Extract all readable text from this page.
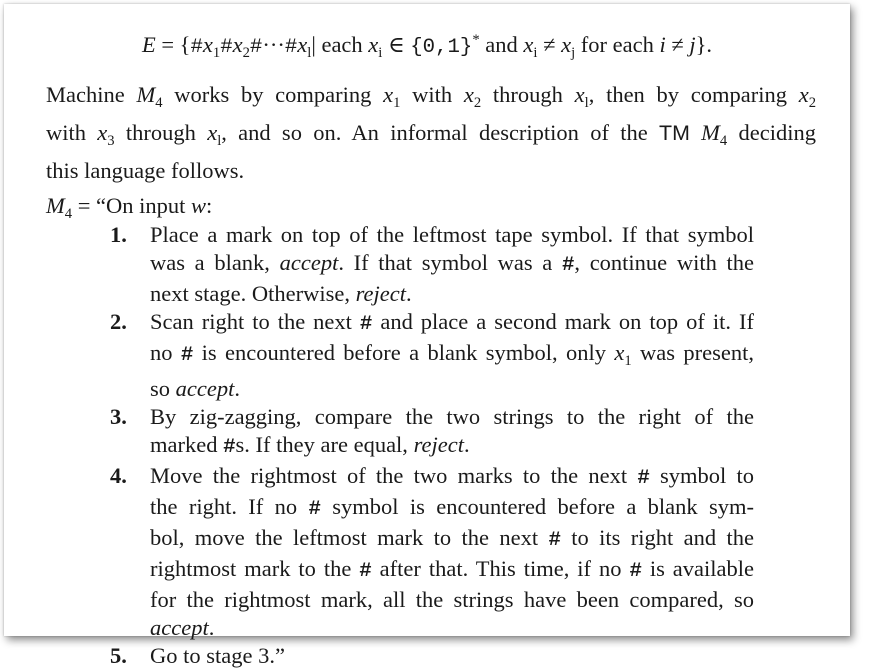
$E = \{\#x_1\#x_2\#\cdot\cdot\cdot\#x_l|$ each $x_i$ ∈ {0,1}* and $x_i \ne x_j$ for each i ≠ j}.
Machine $M_4$ works by comparing $x_1$ with $x_2$ through $x_l$, then by comparing $x_2$
with $x_3$ through $x_l$, and so on. An informal description of the TM $M_4$ deciding
this language follows.
$M_4$ = “On input w:
1.	Place a mark on top of the leftmost tape symbol. If that symbol
was a blank, accept. If that symbol was a #, continue with the
next stage. Otherwise, reject.
2.	Scan right to the next # and place a second mark on top of it. If
no # is encountered before a blank symbol, only $x_1$ was present,
so accept.
3.	By zig-zagging, compare the two strings to the right of the
marked #s. If they are equal, reject.
4.	Move the rightmost of the two marks to the next # symbol to
the right. If no # symbol is encountered before a blank sym-
bol, move the leftmost mark to the next # to its right and the
rightmost mark to the # after that. This time, if no # is available
for the rightmost mark, all the strings have been compared, so
accept.
5.	Go to stage 3.”
